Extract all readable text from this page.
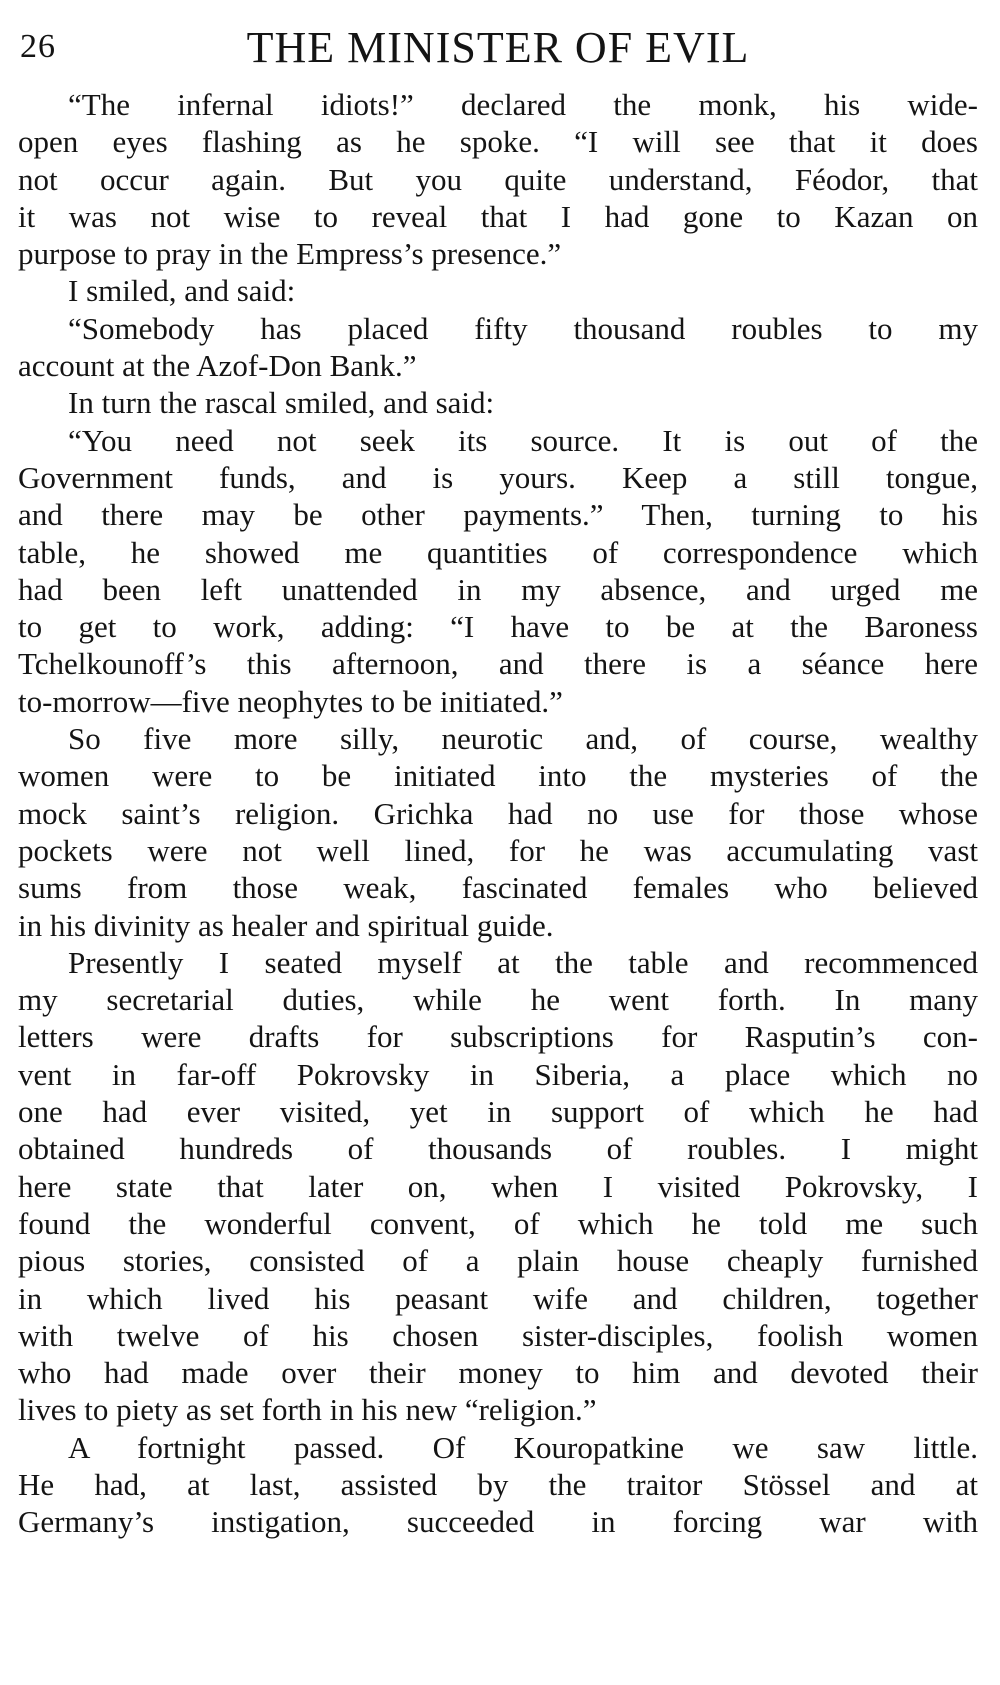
26	THE MINISTER OF EVIL
“The infernal idiots!” declared the monk, his wide-
open eyes flashing as he spoke. “I will see that it does
not occur again. But you quite understand, Féodor, that
it was not wise to reveal that I had gone to Kazan on
purpose to pray in the Empress’s presence.”
I smiled, and said:
“Somebody has placed fifty thousand roubles to my
account at the Azof-Don Bank.”
In turn the rascal smiled, and said:
“You need not seek its source. It is out of the
Government funds, and is yours. Keep a still tongue,
and there may be other payments.” Then, turning to his
table, he showed me quantities of correspondence which
had been left unattended in my absence, and urged me
to get to work, adding: “I have to be at the Baroness
Tchelkounoff’s this afternoon, and there is a séance here
to-morrow—five neophytes to be initiated.”
So five more silly, neurotic and, of course, wealthy
women were to be initiated into the mysteries of the
mock saint’s religion. Grichka had no use for those whose
pockets were not well lined, for he was accumulating vast
sums from those weak, fascinated females who believed
in his divinity as healer and spiritual guide.
Presently I seated myself at the table and recommenced
my secretarial duties, while he went forth. In many
letters were drafts for subscriptions for Rasputin’s con-
vent in far-off Pokrovsky in Siberia, a place which no
one had ever visited, yet in support of which he had
obtained hundreds of thousands of roubles. I might
here state that later on, when I visited Pokrovsky, I
found the wonderful convent, of which he told me such
pious stories, consisted of a plain house cheaply furnished
in which lived his peasant wife and children, together
with twelve of his chosen sister-disciples, foolish women
who had made over their money to him and devoted their
lives to piety as set forth in his new “religion.”
A fortnight passed. Of Kouropatkine we saw little.
He had, at last, assisted by the traitor Stössel and at
Germany’s instigation, succeeded in forcing war with
